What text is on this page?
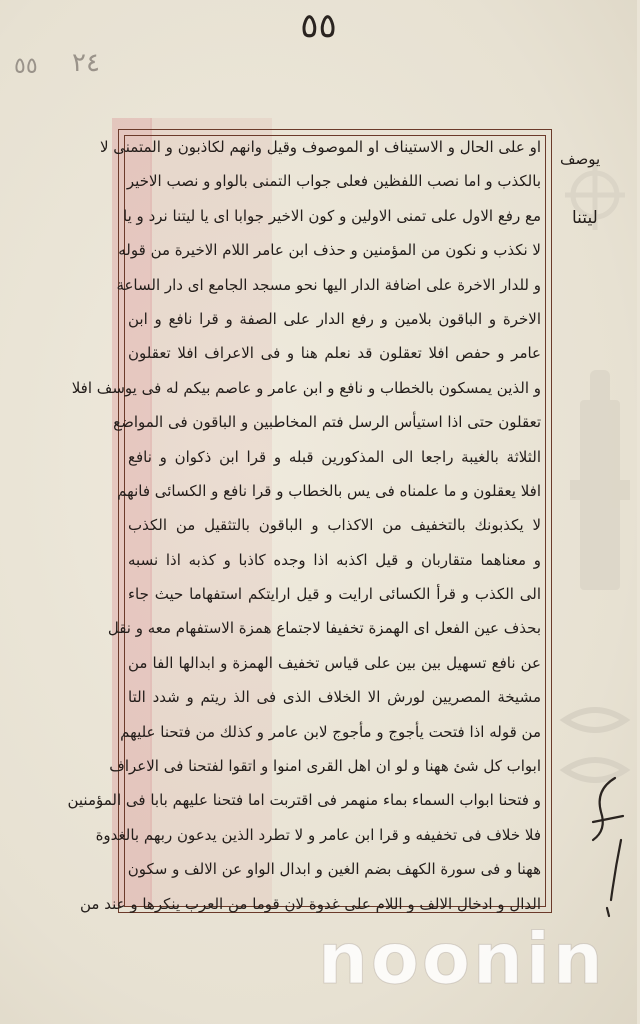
٥٥
٥٥ ٢٤
او على الحال و الاستيناف او الموصوف وقيل وانهم لكاذبون و المتمنى لا
بالكذب و اما نصب اللفظين فعلى جواب التمنى بالواو و نصب الاخير
مع رفع الاول على تمنى الاولين و كون الاخير جوابا اى يا ليتنا نرد و يا
لا نكذب و نكون من المؤمنين و حذف ابن عامر اللام الاخيرة من قوله
و للدار الاخرة على اضافة الدار اليها نحو مسجد الجامع اى دار الساعة
الاخرة و الباقون بلامين و رفع الدار على الصفة و قرا نافع و ابن
عامر و حفص افلا تعقلون قد نعلم هنا و فى الاعراف افلا تعقلون
و الذين يمسكون بالخطاب و نافع و ابن عامر و عاصم بيكم له فى يوسف افلا
تعقلون حتى اذا استيأس الرسل فتم المخاطبين و الباقون فى المواضع
الثلاثة بالغيبة راجعا الى المذكورين قبله و قرا ابن ذكوان و نافع
افلا يعقلون و ما علمناه فى يس بالخطاب و قرا نافع و الكسائى فانهم
لا يكذبونك بالتخفيف من الاكذاب و الباقون بالتثقيل من الكذب
و معناهما متقاربان و قيل اكذبه اذا وجده كاذبا و كذبه اذا نسبه
الى الكذب و قرأ الكسائى ارايت و قيل ارايتكم استفهاما حيث جاء
بحذف عين الفعل اى الهمزة تخفيفا لاجتماع همزة الاستفهام معه و نقل
عن نافع تسهيل بين بين على قياس تخفيف الهمزة و ابدالها الفا من
مشيخة المصريين لورش الا الخلاف الذى فى الذ ريتم و شدد التا
من قوله اذا فتحت يأجوج و مأجوج لابن عامر و كذلك من فتحنا عليهم
ابواب كل شئ ههنا و لو ان اهل القرى امنوا و اتقوا لفتحنا فى الاعراف
و فتحنا ابواب السماء بماء منهمر فى اقتربت اما فتحنا عليهم بابا فى المؤمنين
فلا خلاف فى تخفيفه و قرا ابن عامر و لا تطرد الذين يدعون ربهم بالغدوة
ههنا و فى سورة الكهف بضم الغين و ابدال الواو عن الالف و سكون
الدال و ادخال الالف و اللام على غدوة لان قوما من العرب ينكرها و عند من
يوصف
ليتنا
noonin
